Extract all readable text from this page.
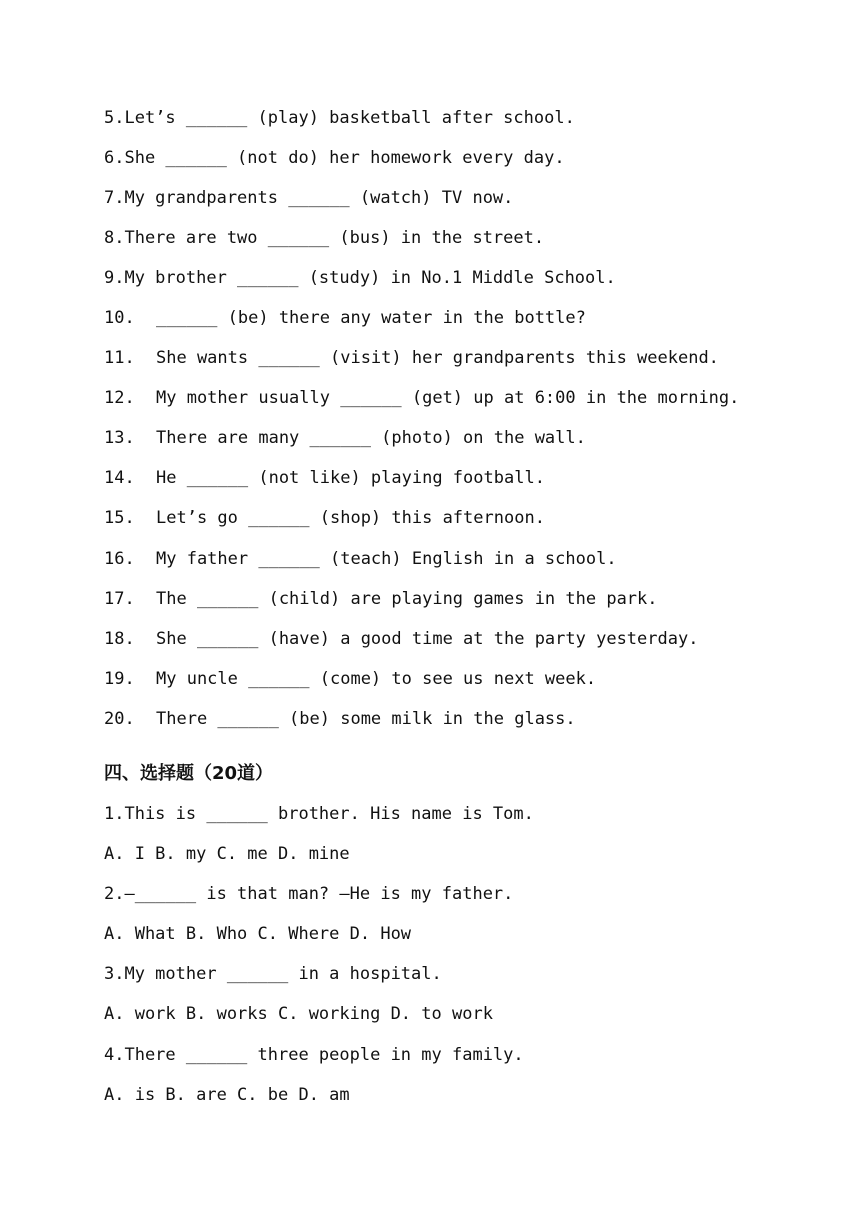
5.Let’s ______ (play) basketball after school.
6.She ______ (not do) her homework every day.
7.My grandparents ______ (watch) TV now.
8.There are two ______ (bus) in the street.
9.My brother ______ (study) in No.1 Middle School.
10. ______ (be) there any water in the bottle?
11. She wants ______ (visit) her grandparents this weekend.
12. My mother usually ______ (get) up at 6:00 in the morning.
13. There are many ______ (photo) on the wall.
14. He ______ (not like) playing football.
15. Let’s go ______ (shop) this afternoon.
16. My father ______ (teach) English in a school.
17. The ______ (child) are playing games in the park.
18. She ______ (have) a good time at the party yesterday.
19. My uncle ______ (come) to see us next week.
20. There ______ (be) some milk in the glass.
四、选择题（20道）
1.This is ______ brother. His name is Tom.
A. I B. my C. me D. mine
2.—______ is that man? —He is my father.
A. What B. Who C. Where D. How
3.My mother ______ in a hospital.
A. work B. works C. working D. to work
4.There ______ three people in my family.
A. is B. are C. be D. am
